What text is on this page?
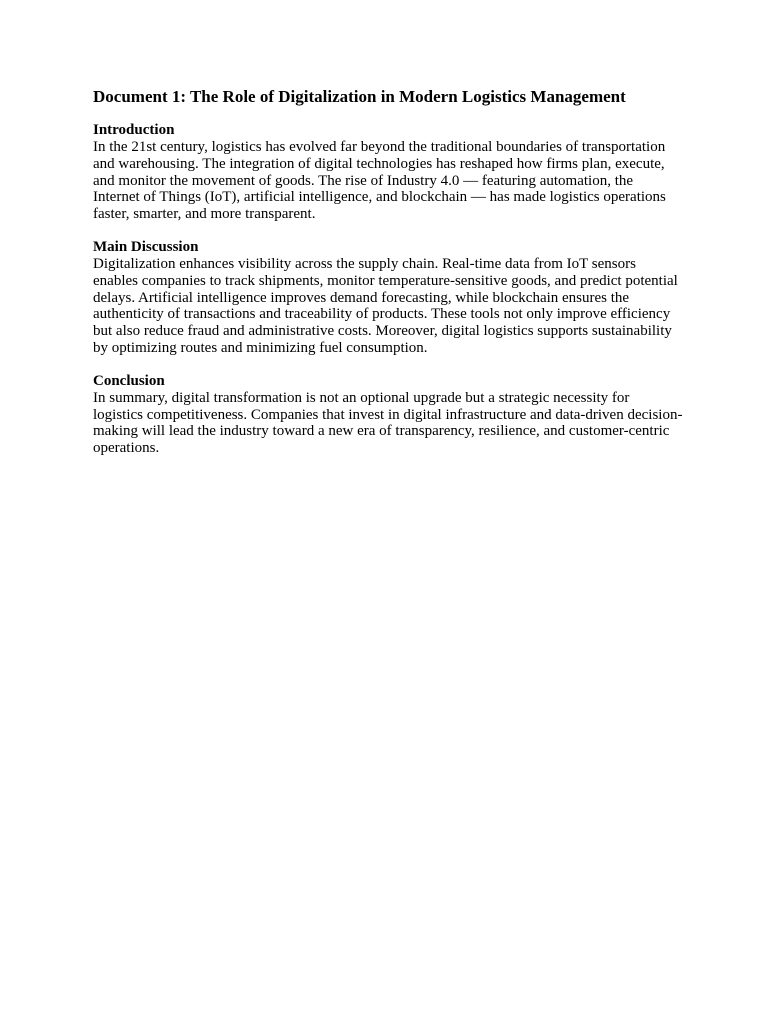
Document 1: The Role of Digitalization in Modern Logistics Management

Introduction

In the 21st century, logistics has evolved far beyond the traditional boundaries of transportation and warehousing. The integration of digital technologies has reshaped how firms plan, execute, and monitor the movement of goods. The rise of Industry 4.0 — featuring automation, the Internet of Things (IoT), artificial intelligence, and blockchain — has made logistics operations faster, smarter, and more transparent.

Main Discussion

Digitalization enhances visibility across the supply chain. Real-time data from IoT sensors enables companies to track shipments, monitor temperature-sensitive goods, and predict potential delays. Artificial intelligence improves demand forecasting, while blockchain ensures the authenticity of transactions and traceability of products. These tools not only improve efficiency but also reduce fraud and administrative costs. Moreover, digital logistics supports sustainability by optimizing routes and minimizing fuel consumption.

Conclusion

In summary, digital transformation is not an optional upgrade but a strategic necessity for logistics competitiveness. Companies that invest in digital infrastructure and data-driven decision-making will lead the industry toward a new era of transparency, resilience, and customer-centric operations.
